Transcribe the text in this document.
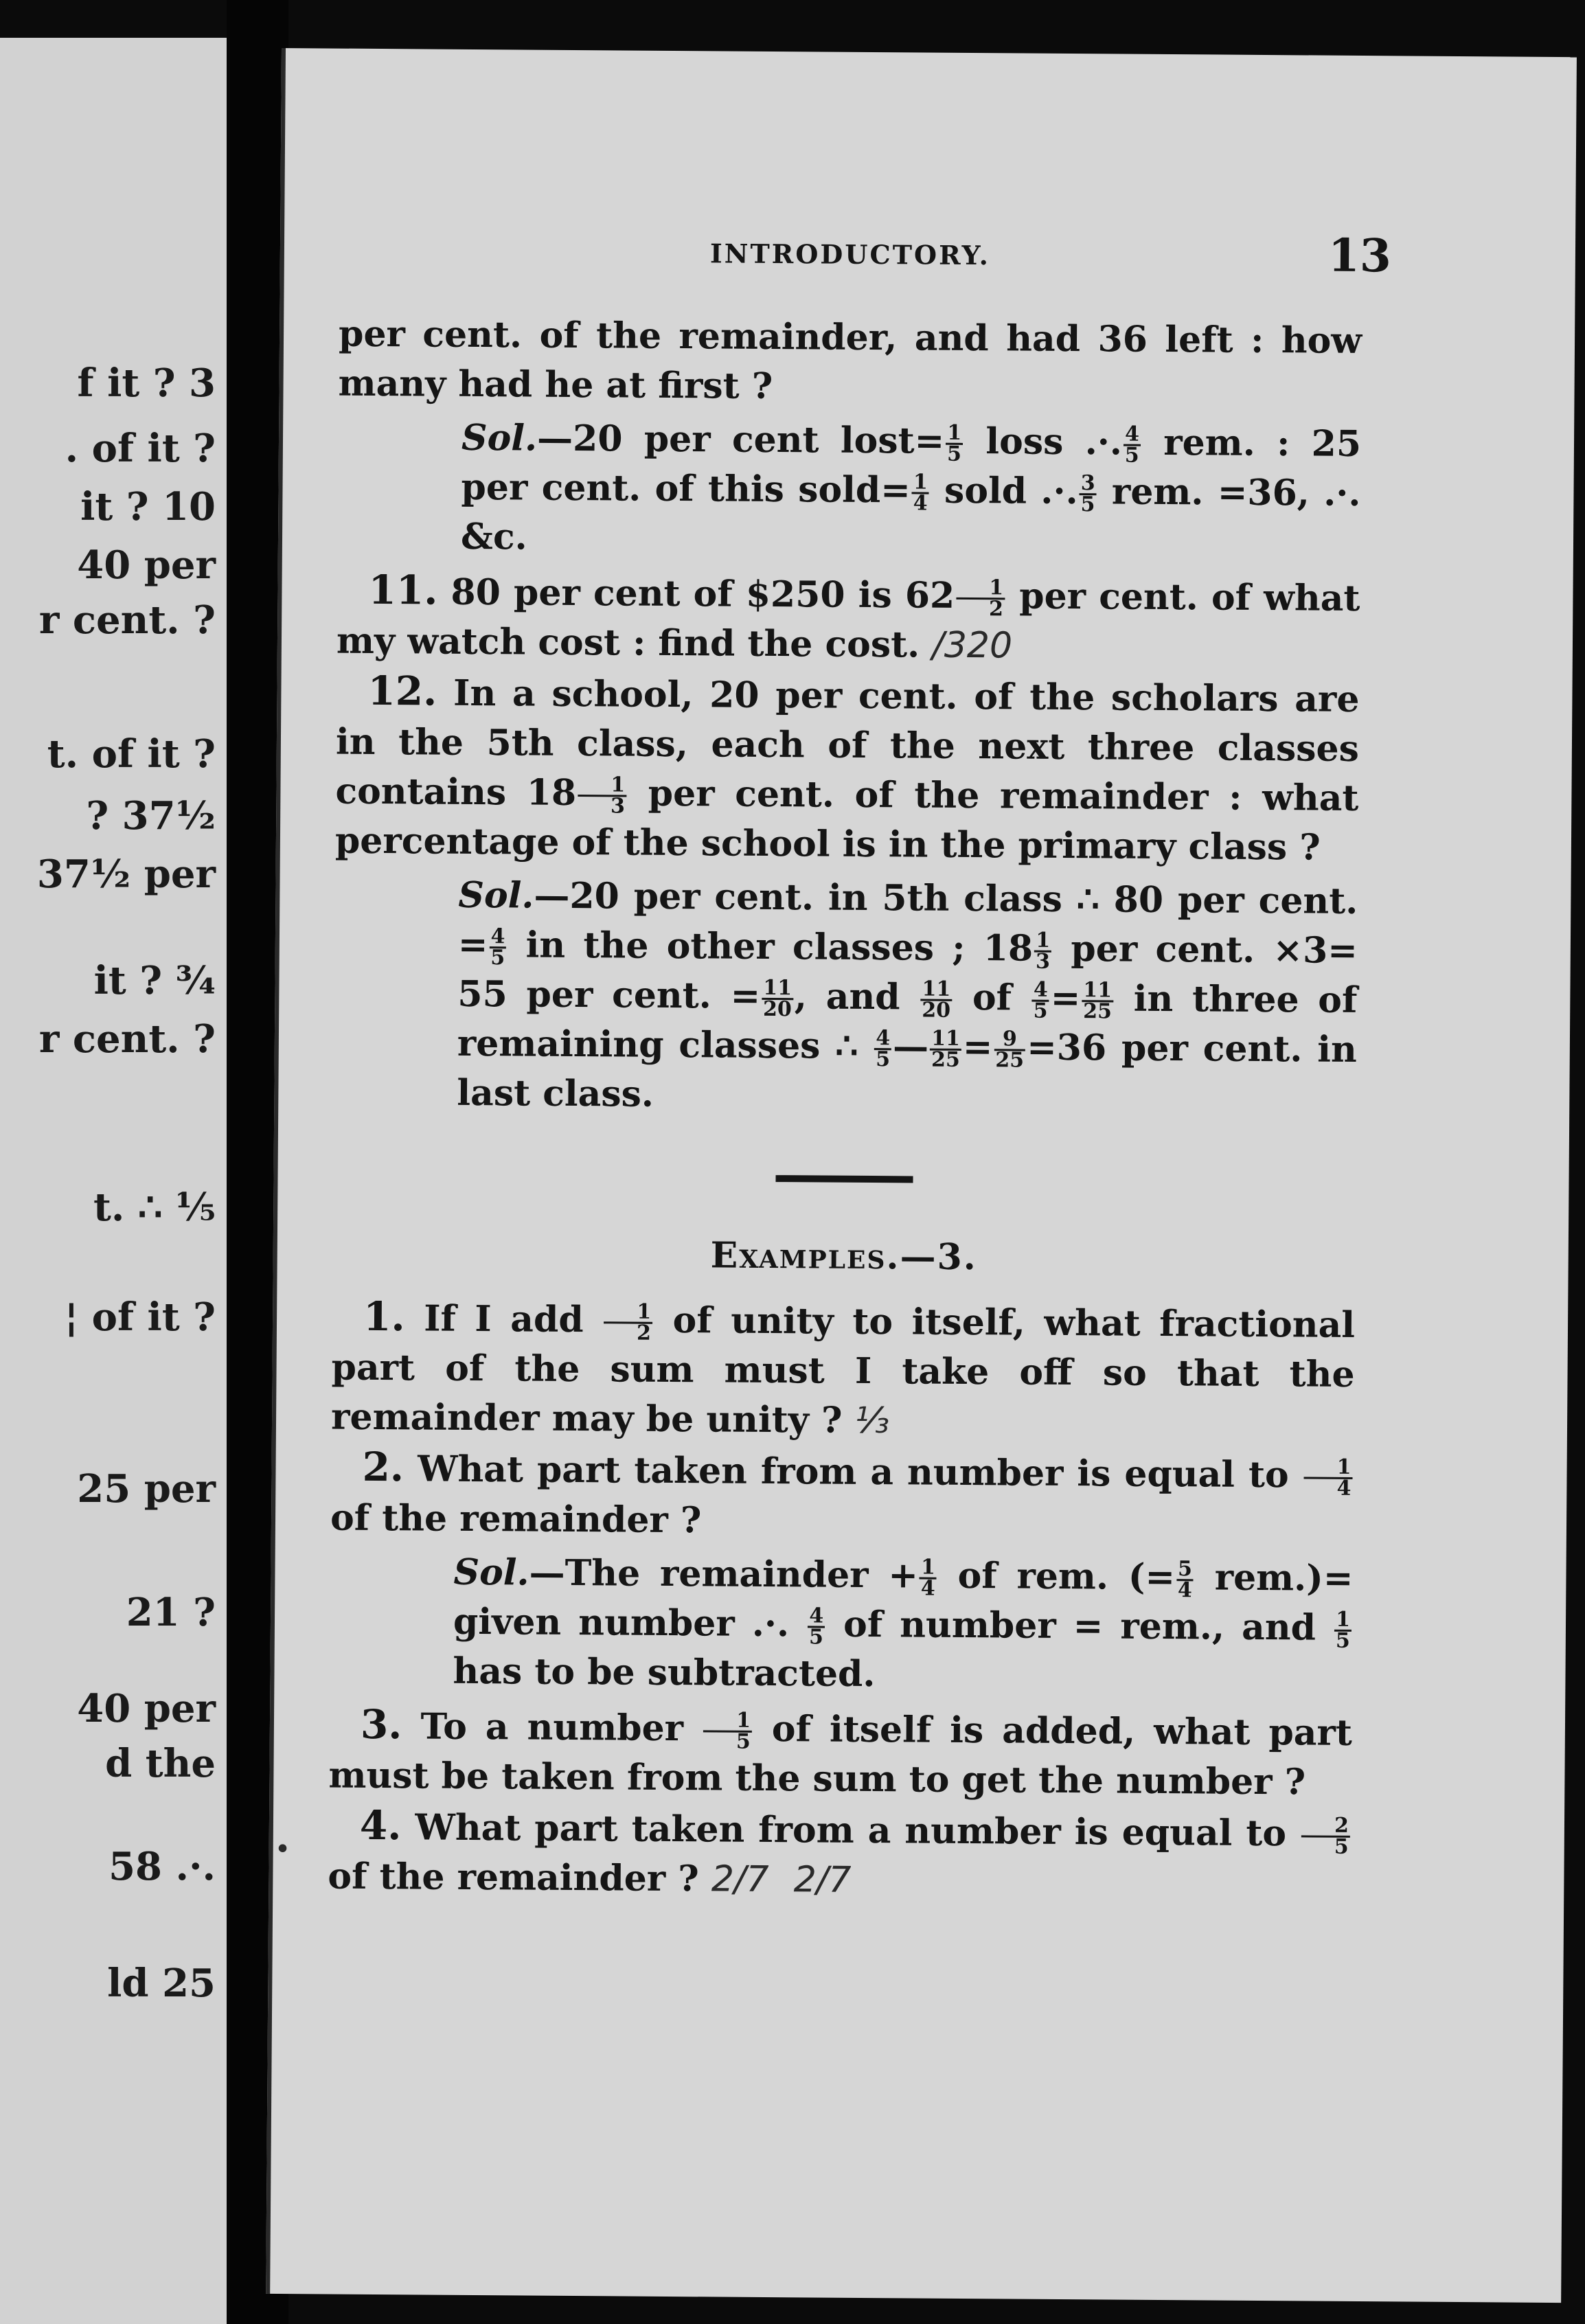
f it ? 3
. of it ?
it ? 10
40 per
r cent. ?
t. of it ?
? 37½
37½ per
it ? ¾
r cent. ?
t. ∴ ⅕
¦ of it ?
25 per
21 ?
40 per
d the
58 .·.
ld 25
INTRODUCTORY.	13

per cent. of the remainder, and had 36 left : how many had he at first ?

Sol.—20 per cent lost= $\frac{1}{5}$ loss .·. $\frac{4}{5}$ rem. : 25 per cent. of this sold= $\frac{1}{4}$ sold .·. $\frac{3}{5}$ rem. =36, .·. &c.

11. 80 per cent of $250 is $62 \frac{1}{2}$ per cent. of what my watch cost : find the cost. /320

12. In a school, 20 per cent. of the scholars are in the 5th class, each of the next three classes contains $18 \frac{1}{3}$ per cent. of the remainder : what percentage of the school is in the primary class ?

Sol.—20 per cent. in 5th class ∴ 80 per cent. = $\frac{4}{5}$ in the other classes ; $18 \frac{1}{3}$ per cent. ×3= 55 per cent. = $\frac{11}{20}$ , and $\frac{11}{20}$ of $\frac{4}{5} = \frac{11}{25}$ in three of remaining classes ∴ $\frac{4}{5}$ — $\frac{11}{25} = \frac{9}{25} =36$ per cent. in last class.

Examples.—3.

1. If I add $\frac{1}{2}$ of unity to itself, what fractional part of the sum must I take off so that the remainder may be unity ? ⅓

2. What part taken from a number is equal to $\frac{1}{4}$
of the remainder ?

Sol.—The remainder + $\frac{1}{4}$ of rem. (= $\frac{5}{4} rem.)=$ given number .·. $\frac{4}{5}$ of number = rem., and $\frac{1}{5}$
has to be subtracted.

3. To a number $\frac{1}{5}$ of itself is added, what part must be taken from the sum to get the number ?

4. What part taken from a number is equal to $\frac{2}{5}$
of the remainder ? 2/7 2/7

•
